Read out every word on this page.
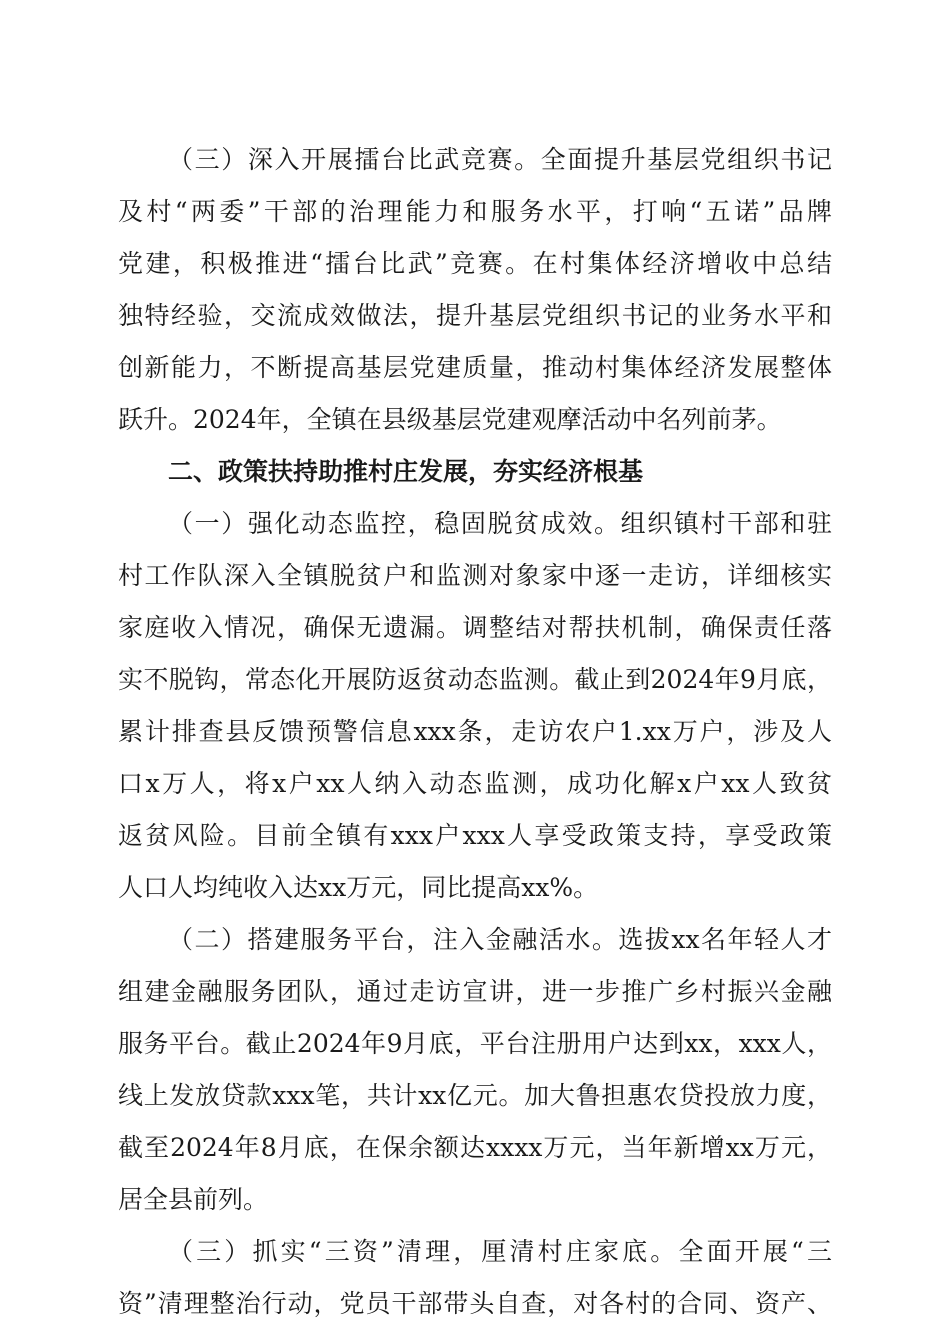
（三）深入开展擂台比武竞赛。全面提升基层党组织书记
及村“两委”干部的治理能力和服务水平，打响“五诺”品牌
党建，积极推进“擂台比武”竞赛。在村集体经济增收中总结
独特经验，交流成效做法，提升基层党组织书记的业务水平和
创新能力，不断提高基层党建质量，推动村集体经济发展整体
跃升。2024年，全镇在县级基层党建观摩活动中名列前茅。
二、政策扶持助推村庄发展，夯实经济根基
（一）强化动态监控，稳固脱贫成效。组织镇村干部和驻
村工作队深入全镇脱贫户和监测对象家中逐一走访，详细核实
家庭收入情况，确保无遗漏。调整结对帮扶机制，确保责任落
实不脱钩，常态化开展防返贫动态监测。截止到2024年9月底，
累计排查县反馈预警信息xxx条，走访农户1.xx万户，涉及人
口x万人，将x户xx人纳入动态监测，成功化解x户xx人致贫
返贫风险。目前全镇有xxx户xxx人享受政策支持，享受政策
人口人均纯收入达xx万元，同比提高xx%。
（二）搭建服务平台，注入金融活水。选拔xx名年轻人才
组建金融服务团队，通过走访宣讲，进一步推广乡村振兴金融
服务平台。截止2024年9月底，平台注册用户达到xx，xxx人，
线上发放贷款xxx笔，共计xx亿元。加大鲁担惠农贷投放力度，
截至2024年8月底，在保余额达xxxx万元，当年新增xx万元，
居全县前列。
（三）抓实“三资”清理，厘清村庄家底。全面开展“三
资”清理整治行动，党员干部带头自查，对各村的合同、资产、
